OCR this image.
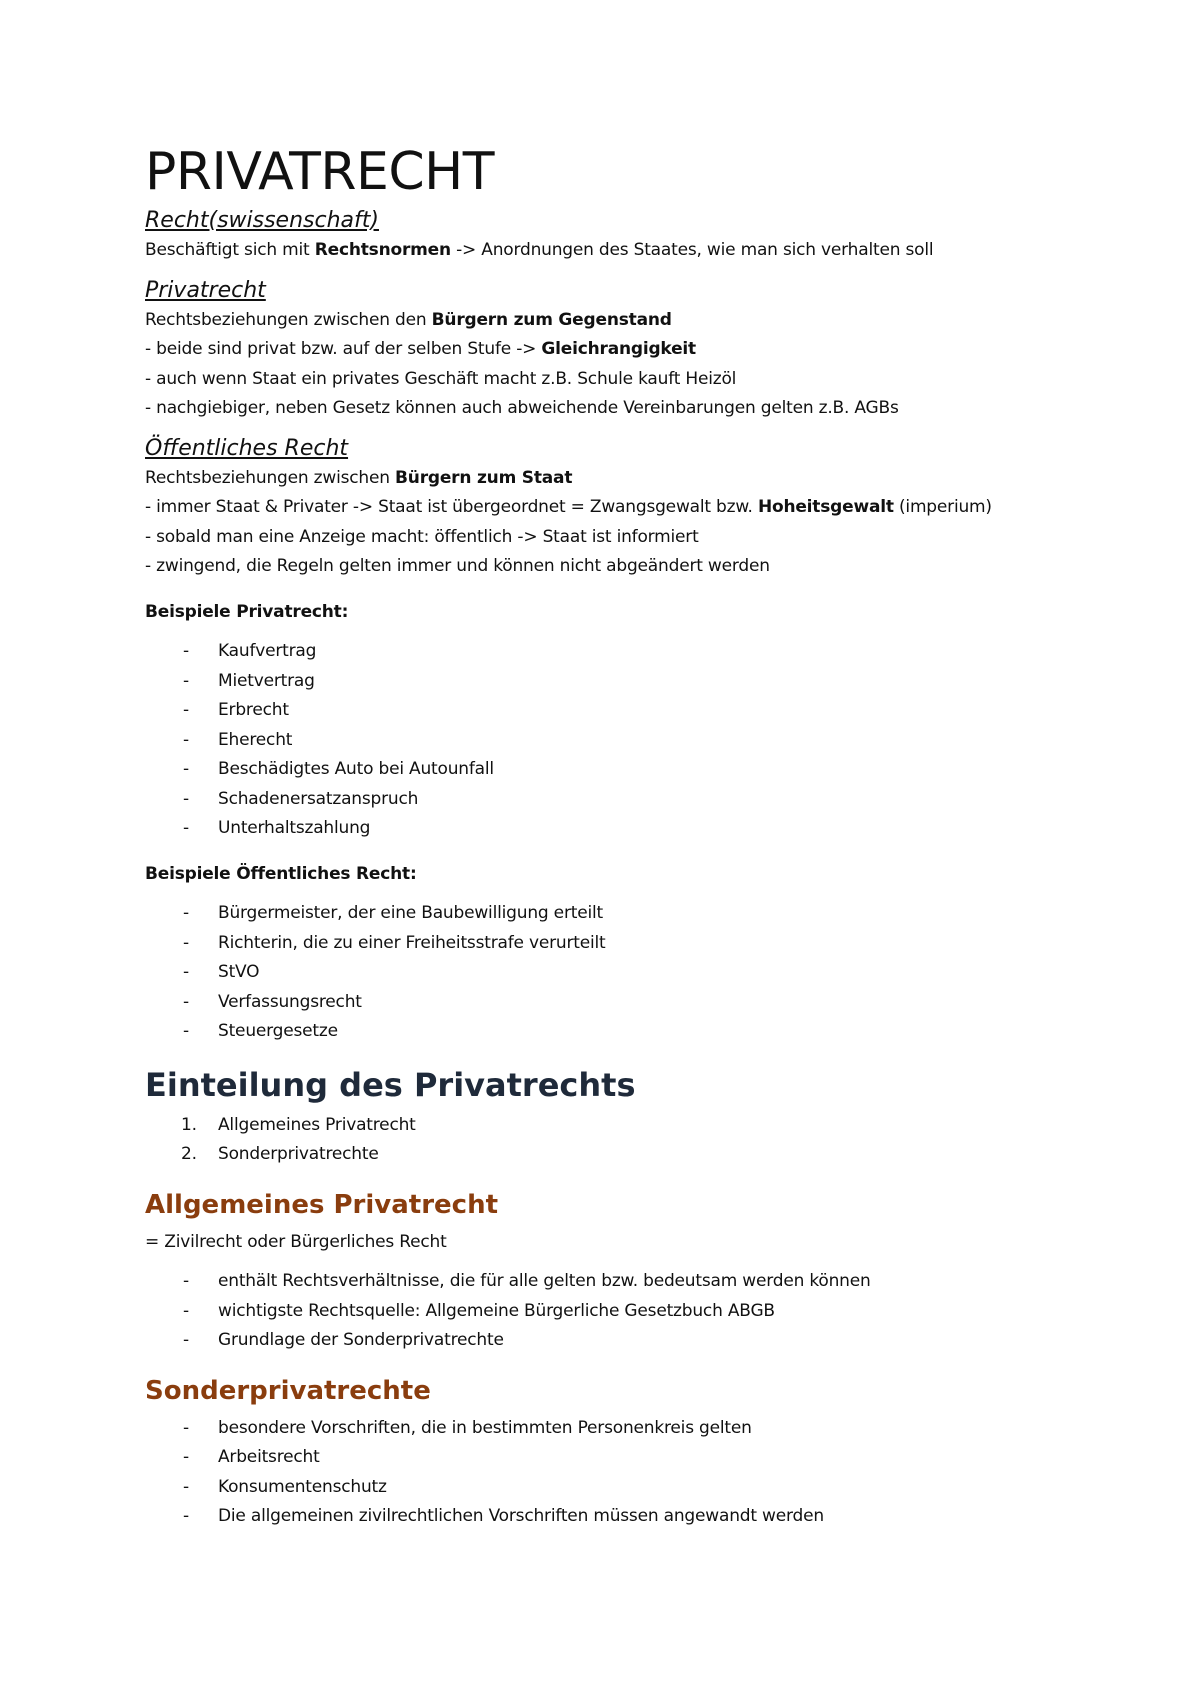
PRIVATRECHT
Recht(swissenschaft)

Beschäftigt sich mit Rechtsnormen -> Anordnungen des Staates, wie man sich verhalten soll

Privatrecht

Rechtsbeziehungen zwischen den Bürgern zum Gegenstand

- beide sind privat bzw. auf der selben Stufe -> Gleichrangigkeit

- auch wenn Staat ein privates Geschäft macht z.B. Schule kauft Heizöl

- nachgiebiger, neben Gesetz können auch abweichende Vereinbarungen gelten z.B. AGBs

Öffentliches Recht

Rechtsbeziehungen zwischen Bürgern zum Staat

- immer Staat & Privater -> Staat ist übergeordnet = Zwangsgewalt bzw. Hoheitsgewalt (imperium)

- sobald man eine Anzeige macht: öffentlich -> Staat ist informiert

- zwingend, die Regeln gelten immer und können nicht abgeändert werden

Beispiele Privatrecht:

- Kaufvertrag
- Mietvertrag
- Erbrecht
- Eherecht
- Beschädigtes Auto bei Autounfall
- Schadenersatzanspruch
- Unterhaltszahlung

Beispiele Öffentliches Recht:

- Bürgermeister, der eine Baubewilligung erteilt
- Richterin, die zu einer Freiheitsstrafe verurteilt
- StVO
- Verfassungsrecht
- Steuergesetze
Einteilung des Privatrechts
1. Allgemeines Privatrecht
2. Sonderprivatrechte
Allgemeines Privatrecht

= Zivilrecht oder Bürgerliches Recht

- enthält Rechtsverhältnisse, die für alle gelten bzw. bedeutsam werden können
- wichtigste Rechtsquelle: Allgemeine Bürgerliche Gesetzbuch ABGB
- Grundlage der Sonderprivatrechte
Sonderprivatrechte
- besondere Vorschriften, die in bestimmten Personenkreis gelten
- Arbeitsrecht
- Konsumentenschutz
- Die allgemeinen zivilrechtlichen Vorschriften müssen angewandt werden
